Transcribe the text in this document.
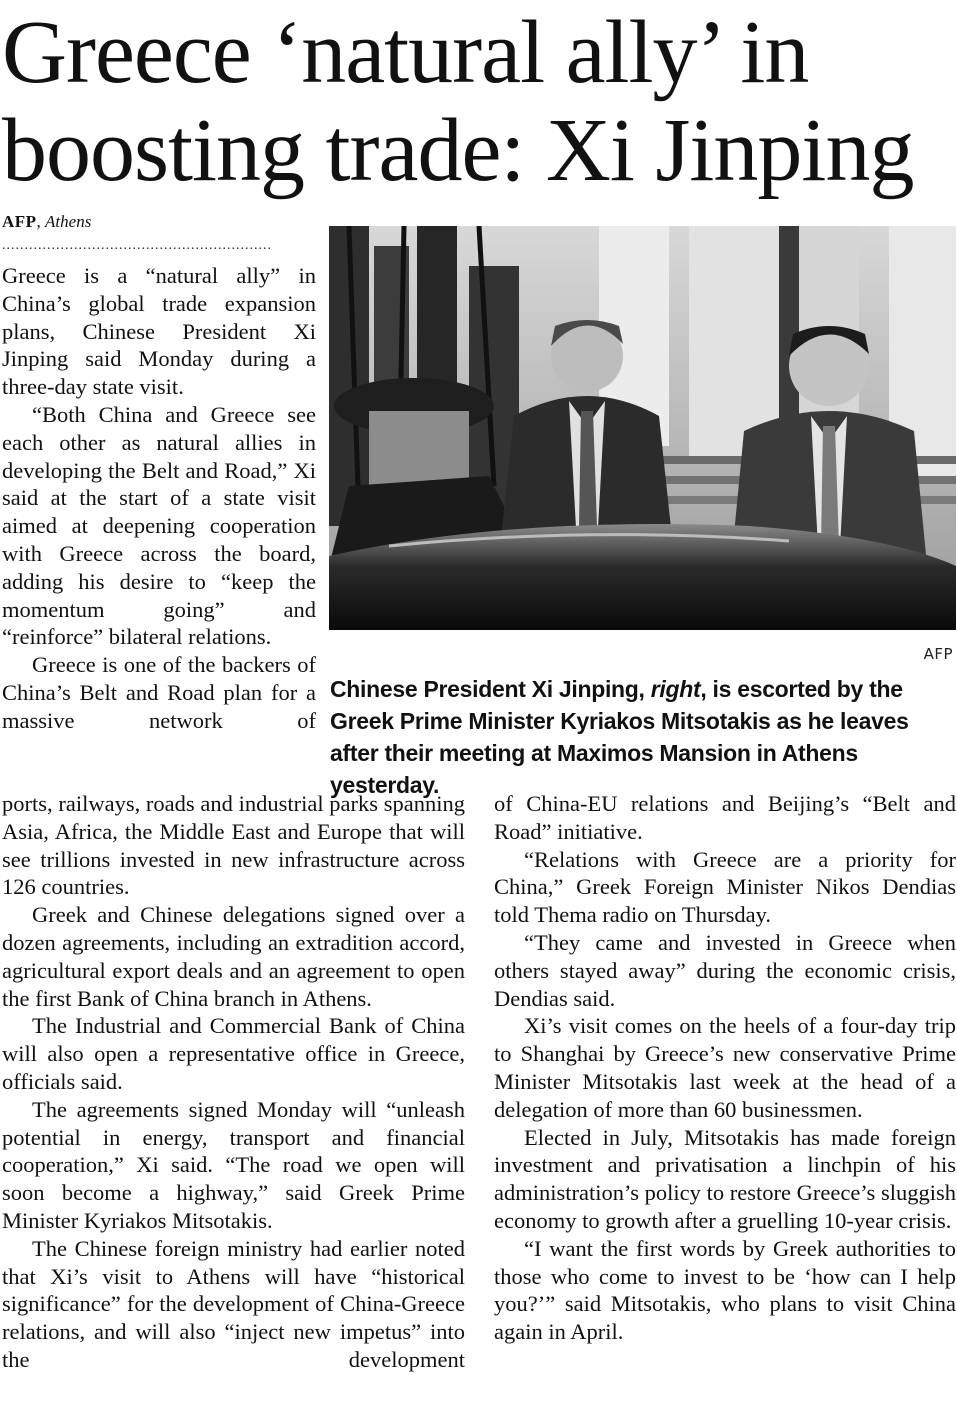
Greece ‘natural ally’ in boosting trade: Xi Jinping
AFP, Athens
............................................................

Greece is a “natural ally” in China’s global trade expansion plans, Chinese President Xi Jinping said Monday during a three-day state visit.

“Both China and Greece see each other as natural allies in developing the Belt and Road,” Xi said at the start of a state visit aimed at deepening cooperation with Greece across the board, adding his desire to “keep the momentum going” and “reinforce” bilateral relations.

Greece is one of the backers of China’s Belt and Road plan for a massive network of

AFP
Chinese President Xi Jinping, right, is escorted by the Greek Prime Minister Kyriakos Mitsotakis as he leaves after their meeting at Maximos Mansion in Athens yesterday.

ports, railways, roads and industrial parks spanning Asia, Africa, the Middle East and Europe that will see trillions invested in new infrastructure across 126 countries.

Greek and Chinese delegations signed over a dozen agreements, including an extradition accord, agricultural export deals and an agreement to open the first Bank of China branch in Athens.

The Industrial and Commercial Bank of China will also open a representative office in Greece, officials said.

The agreements signed Monday will “unleash potential in energy, transport and financial cooperation,” Xi said. “The road we open will soon become a highway,” said Greek Prime Minister Kyriakos Mitsotakis.

The Chinese foreign ministry had earlier noted that Xi’s visit to Athens will have “historical significance” for the development of China-Greece relations, and will also “inject new impetus” into the development

of China-EU relations and Beijing’s “Belt and Road” initiative.

“Relations with Greece are a priority for China,” Greek Foreign Minister Nikos Dendias told Thema radio on Thursday.

“They came and invested in Greece when others stayed away” during the economic crisis, Dendias said.

Xi’s visit comes on the heels of a four-day trip to Shanghai by Greece’s new conservative Prime Minister Mitsotakis last week at the head of a delegation of more than 60 businessmen.

Elected in July, Mitsotakis has made foreign investment and privatisation a linchpin of his administration’s policy to restore Greece’s sluggish economy to growth after a gruelling 10-year crisis.

“I want the first words by Greek authorities to those who come to invest to be ‘how can I help you?’” said Mitsotakis, who plans to visit China again in April.
